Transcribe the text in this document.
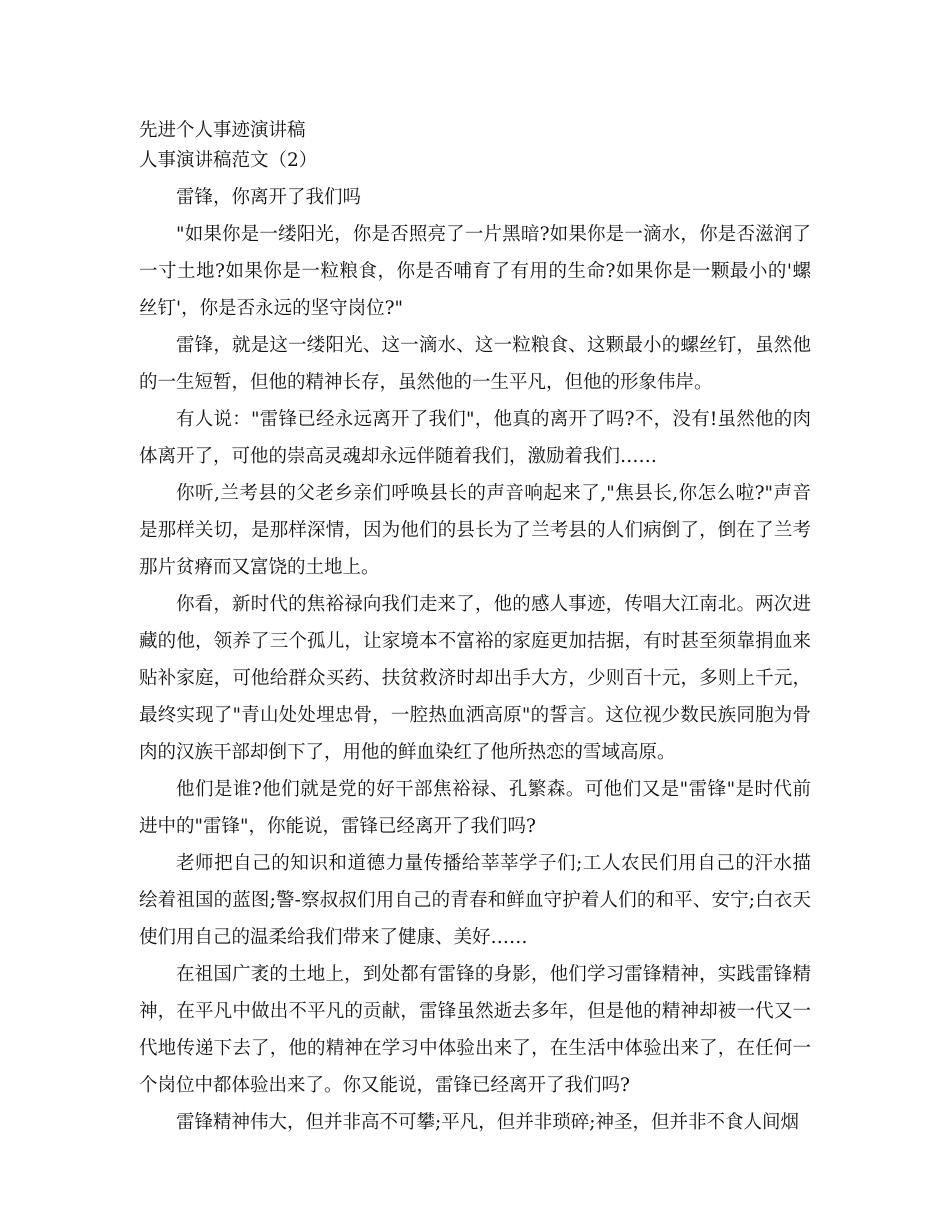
先进个人事迹演讲稿

人事演讲稿范文（2）

雷锋，你离开了我们吗

"如果你是一缕阳光，你是否照亮了一片黑暗?如果你是一滴水，你是否滋润了一寸土地?如果你是一粒粮食，你是否哺育了有用的生命?如果你是一颗最小的'螺丝钉'，你是否永远的坚守岗位?"

雷锋，就是这一缕阳光、这一滴水、这一粒粮食、这颗最小的螺丝钉，虽然他的一生短暂，但他的精神长存，虽然他的一生平凡，但他的形象伟岸。

有人说："雷锋已经永远离开了我们"，他真的离开了吗?不，没有!虽然他的肉体离开了，可他的崇高灵魂却永远伴随着我们，激励着我们……

你听,兰考县的父老乡亲们呼唤县长的声音响起来了,"焦县长,你怎么啦?"声音是那样关切，是那样深情，因为他们的县长为了兰考县的人们病倒了，倒在了兰考那片贫瘠而又富饶的土地上。

你看，新时代的焦裕禄向我们走来了，他的感人事迹，传唱大江南北。两次进藏的他，领养了三个孤儿，让家境本不富裕的家庭更加拮据，有时甚至须靠捐血来贴补家庭，可他给群众买药、扶贫救济时却出手大方，少则百十元，多则上千元，最终实现了"青山处处埋忠骨，一腔热血洒高原"的誓言。这位视少数民族同胞为骨肉的汉族干部却倒下了，用他的鲜血染红了他所热恋的雪域高原。

他们是谁?他们就是党的好干部焦裕禄、孔繁森。可他们又是"雷锋"是时代前进中的"雷锋"，你能说，雷锋已经离开了我们吗?

老师把自己的知识和道德力量传播给莘莘学子们;工人农民们用自己的汗水描绘着祖国的蓝图;警-察叔叔们用自己的青春和鲜血守护着人们的和平、安宁;白衣天使们用自己的温柔给我们带来了健康、美好……

在祖国广袤的土地上，到处都有雷锋的身影，他们学习雷锋精神，实践雷锋精神，在平凡中做出不平凡的贡献，雷锋虽然逝去多年，但是他的精神却被一代又一代地传递下去了，他的精神在学习中体验出来了，在生活中体验出来了，在任何一个岗位中都体验出来了。你又能说，雷锋已经离开了我们吗?

雷锋精神伟大，但并非高不可攀;平凡，但并非琐碎;神圣，但并非不食人间烟
